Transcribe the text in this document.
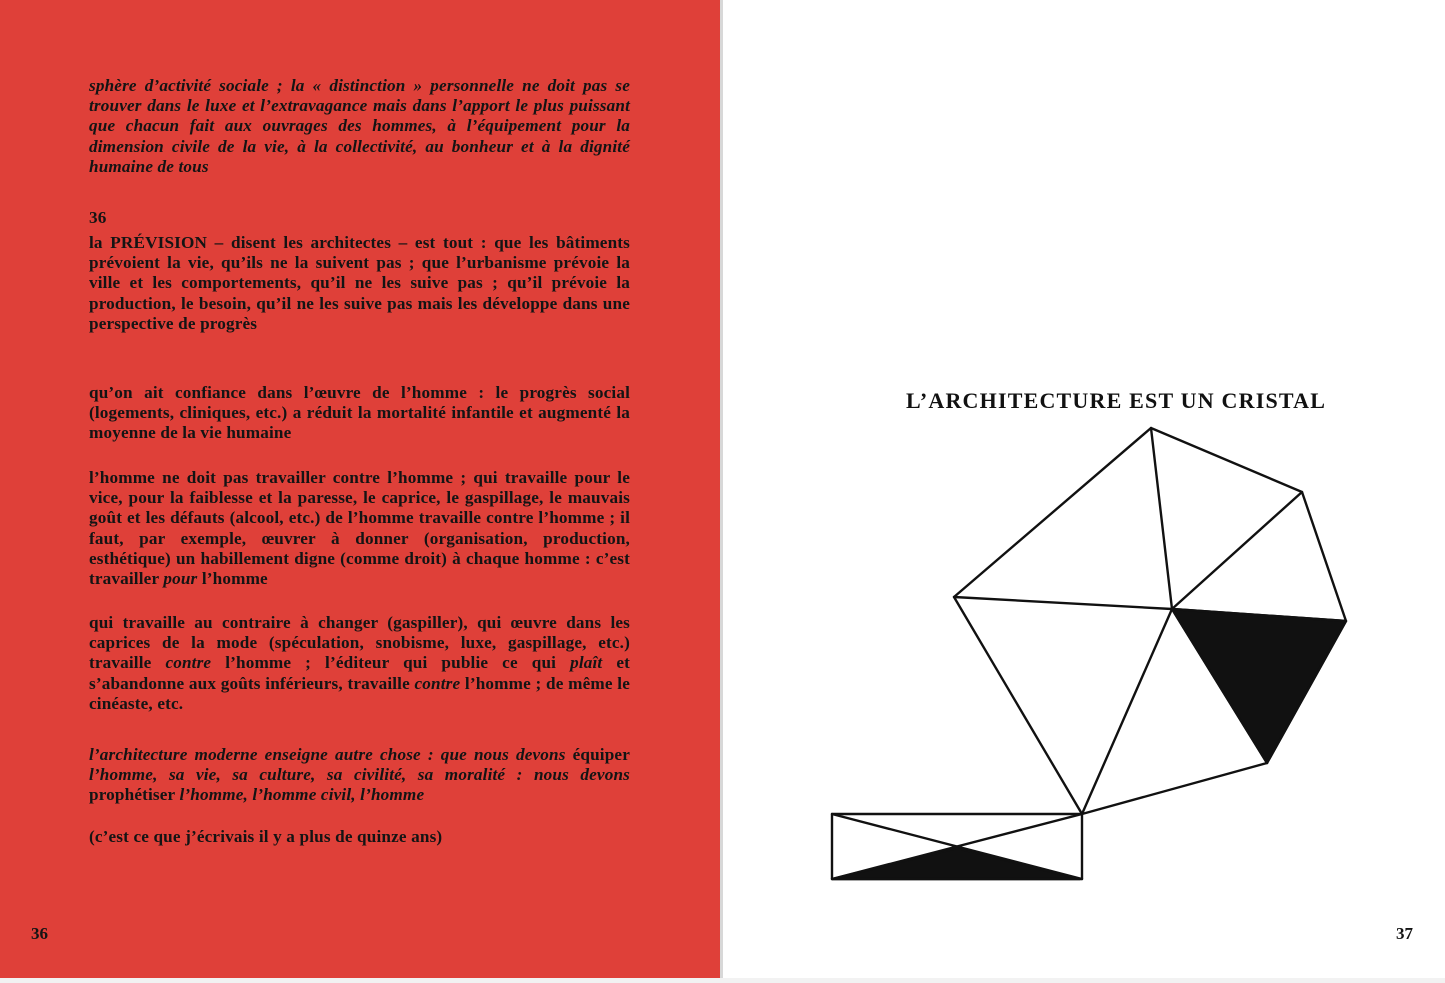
sphère d’activité sociale ; la « distinction » personnelle ne doit pas se trouver dans le luxe et l’extravagance mais dans l’apport le plus puissant que chacun fait aux ouvrages des hommes, à l’équipement pour la dimension civile de la vie, à la collectivité, au bonheur et à la dignité humaine de tous

36

la PRÉVISION – disent les architectes – est tout : que les bâtiments prévoient la vie, qu’ils ne la suivent pas ; que l’urbanisme prévoie la ville et les comportements, qu’il ne les suive pas ; qu’il prévoie la production, le besoin, qu’il ne les suive pas mais les développe dans une perspective de progrès

qu’on ait confiance dans l’œuvre de l’homme : le progrès social (logements, cliniques, etc.) a réduit la mortalité infantile et augmenté la moyenne de la vie humaine

l’homme ne doit pas travailler contre l’homme ; qui travaille pour le vice, pour la faiblesse et la paresse, le caprice, le gaspillage, le mauvais goût et les défauts (alcool, etc.) de l’homme travaille contre l’homme ; il faut, par exemple, œuvrer à donner (organisation, production, esthétique) un habillement digne (comme droit) à chaque homme : c’est travailler pour l’homme

qui travaille au contraire à changer (gaspiller), qui œuvre dans les caprices de la mode (spéculation, snobisme, luxe, gaspillage, etc.) travaille contre l’homme ; l’éditeur qui publie ce qui plaît et s’abandonne aux goûts inférieurs, travaille contre l’homme ; de même le cinéaste, etc.

l’architecture moderne enseigne autre chose : que nous devons équiper l’homme, sa vie, sa culture, sa civilité, sa moralité : nous devons prophétiser l’homme, l’homme civil, l’homme

(c’est ce que j’écrivais il y a plus de quinze ans)

36
L’ARCHITECTURE EST UN CRISTAL
37
